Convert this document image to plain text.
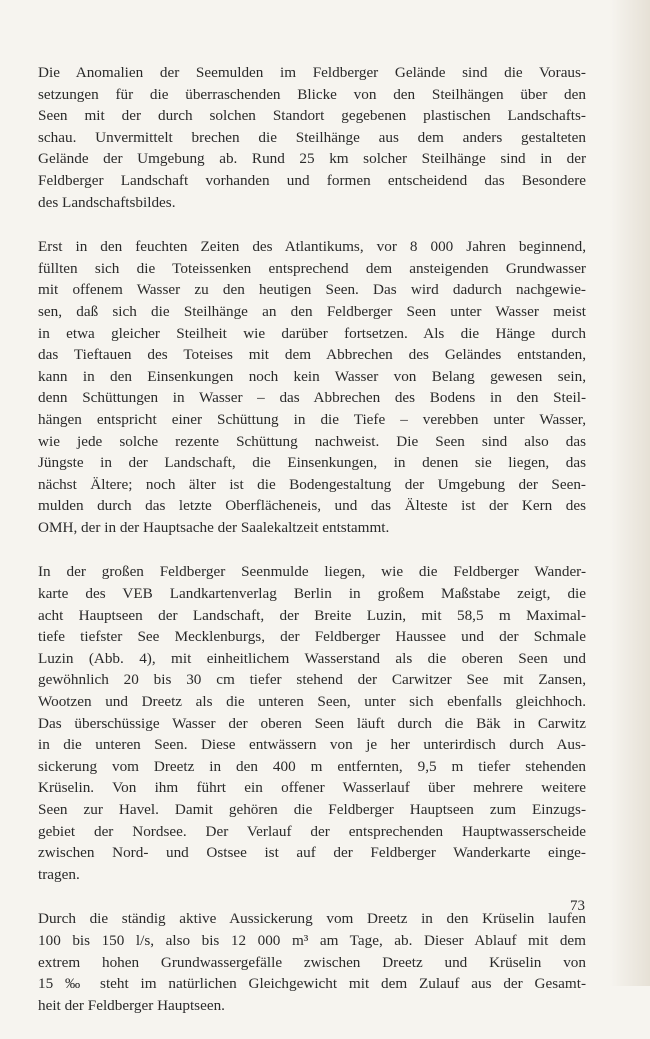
Die Anomalien der Seemulden im Feldberger Gelände sind die Voraus-
setzungen für die überraschenden Blicke von den Steilhängen über den
Seen mit der durch solchen Standort gegebenen plastischen Landschafts-
schau. Unvermittelt brechen die Steilhänge aus dem anders gestalteten
Gelände der Umgebung ab. Rund 25 km solcher Steilhänge sind in der
Feldberger Landschaft vorhanden und formen entscheidend das Besondere
des Landschaftsbildes.

Erst in den feuchten Zeiten des Atlantikums, vor 8 000 Jahren beginnend,
füllten sich die Toteissenken entsprechend dem ansteigenden Grundwasser
mit offenem Wasser zu den heutigen Seen. Das wird dadurch nachgewie-
sen, daß sich die Steilhänge an den Feldberger Seen unter Wasser meist
in etwa gleicher Steilheit wie darüber fortsetzen. Als die Hänge durch
das Tieftauen des Toteises mit dem Abbrechen des Geländes entstanden,
kann in den Einsenkungen noch kein Wasser von Belang gewesen sein,
denn Schüttungen in Wasser – das Abbrechen des Bodens in den Steil-
hängen entspricht einer Schüttung in die Tiefe – verebben unter Wasser,
wie jede solche rezente Schüttung nachweist. Die Seen sind also das
Jüngste in der Landschaft, die Einsenkungen, in denen sie liegen, das
nächst Ältere; noch älter ist die Bodengestaltung der Umgebung der Seen-
mulden durch das letzte Oberflächeneis, und das Älteste ist der Kern des
OMH, der in der Hauptsache der Saalekaltzeit entstammt.

In der großen Feldberger Seenmulde liegen, wie die Feldberger Wander-
karte des VEB Landkartenverlag Berlin in großem Maßstabe zeigt, die
acht Hauptseen der Landschaft, der Breite Luzin, mit 58,5 m Maximal-
tiefe tiefster See Mecklenburgs, der Feldberger Haussee und der Schmale
Luzin (Abb. 4), mit einheitlichem Wasserstand als die oberen Seen und
gewöhnlich 20 bis 30 cm tiefer stehend der Carwitzer See mit Zansen,
Wootzen und Dreetz als die unteren Seen, unter sich ebenfalls gleichhoch.
Das überschüssige Wasser der oberen Seen läuft durch die Bäk in Carwitz
in die unteren Seen. Diese entwässern von je her unterirdisch durch Aus-
sickerung vom Dreetz in den 400 m entfernten, 9,5 m tiefer stehenden
Krüselin. Von ihm führt ein offener Wasserlauf über mehrere weitere
Seen zur Havel. Damit gehören die Feldberger Hauptseen zum Einzugs-
gebiet der Nordsee. Der Verlauf der entsprechenden Hauptwasserscheide
zwischen Nord- und Ostsee ist auf der Feldberger Wanderkarte einge-
tragen.

Durch die ständig aktive Aussickerung vom Dreetz in den Krüselin laufen
100 bis 150 l/s, also bis 12 000 m³ am Tage, ab. Dieser Ablauf mit dem
extrem hohen Grundwassergefälle zwischen Dreetz und Krüselin von
15 ‰ steht im natürlichen Gleichgewicht mit dem Zulauf aus der Gesamt-
heit der Feldberger Hauptseen.

73
